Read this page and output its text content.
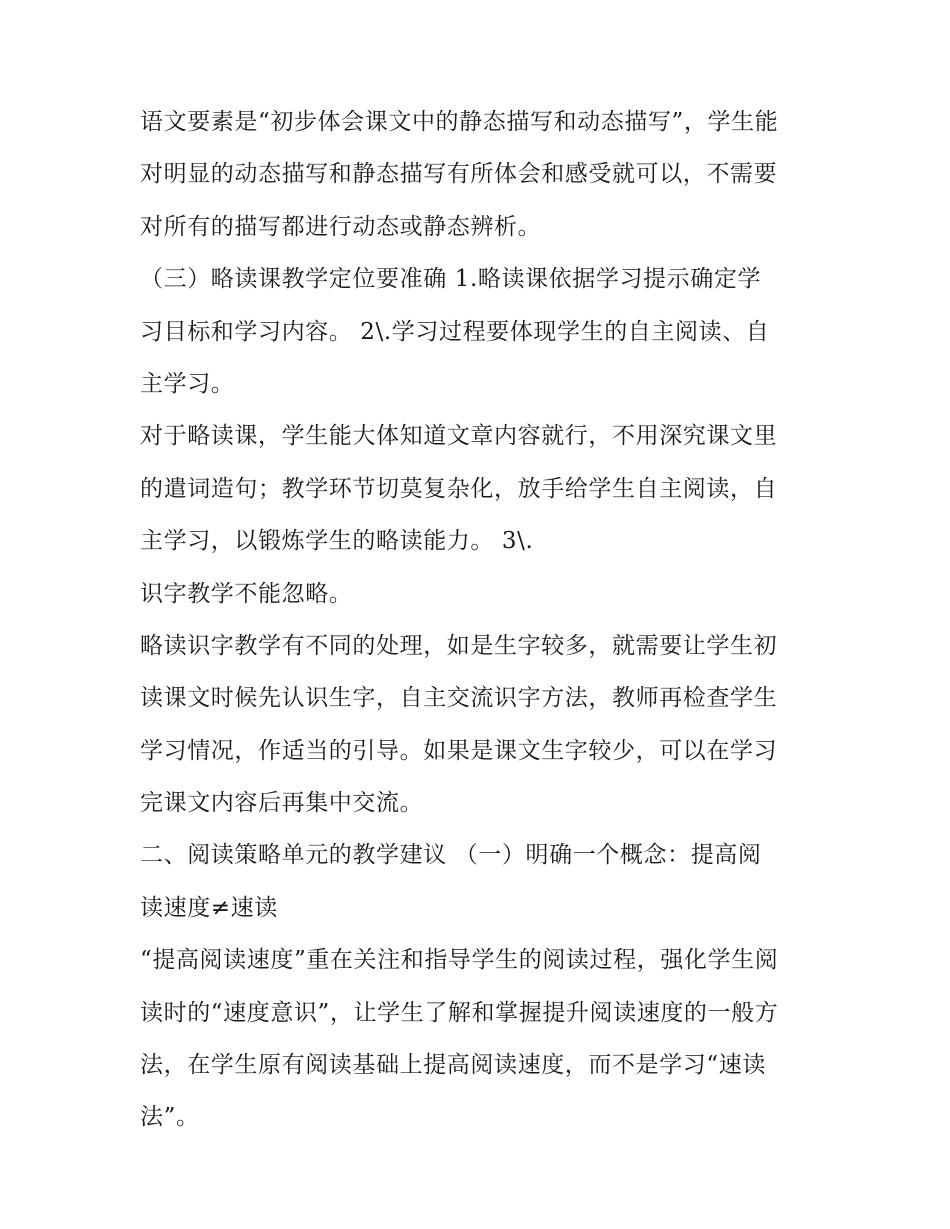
语文要素是“初步体会课文中的静态描写和动态描写”，学生能
对明显的动态描写和静态描写有所体会和感受就可以，不需要
对所有的描写都进行动态或静态辨析。
（三）略读课教学定位要准确 1.略读课依据学习提示确定学
习目标和学习内容。 2\.学习过程要体现学生的自主阅读、自
主学习。
对于略读课，学生能大体知道文章内容就行，不用深究课文里
的遣词造句；教学环节切莫复杂化，放手给学生自主阅读，自
主学习，以锻炼学生的略读能力。 3\.
识字教学不能忽略。
略读识字教学有不同的处理，如是生字较多，就需要让学生初
读课文时候先认识生字，自主交流识字方法，教师再检查学生
学习情况，作适当的引导。如果是课文生字较少，可以在学习
完课文内容后再集中交流。
二、阅读策略单元的教学建议 （一）明确一个概念：提高阅
读速度≠速读
“提高阅读速度”重在关注和指导学生的阅读过程，强化学生阅
读时的“速度意识”，让学生了解和掌握提升阅读速度的一般方
法，在学生原有阅读基础上提高阅读速度，而不是学习“速读
法”。
